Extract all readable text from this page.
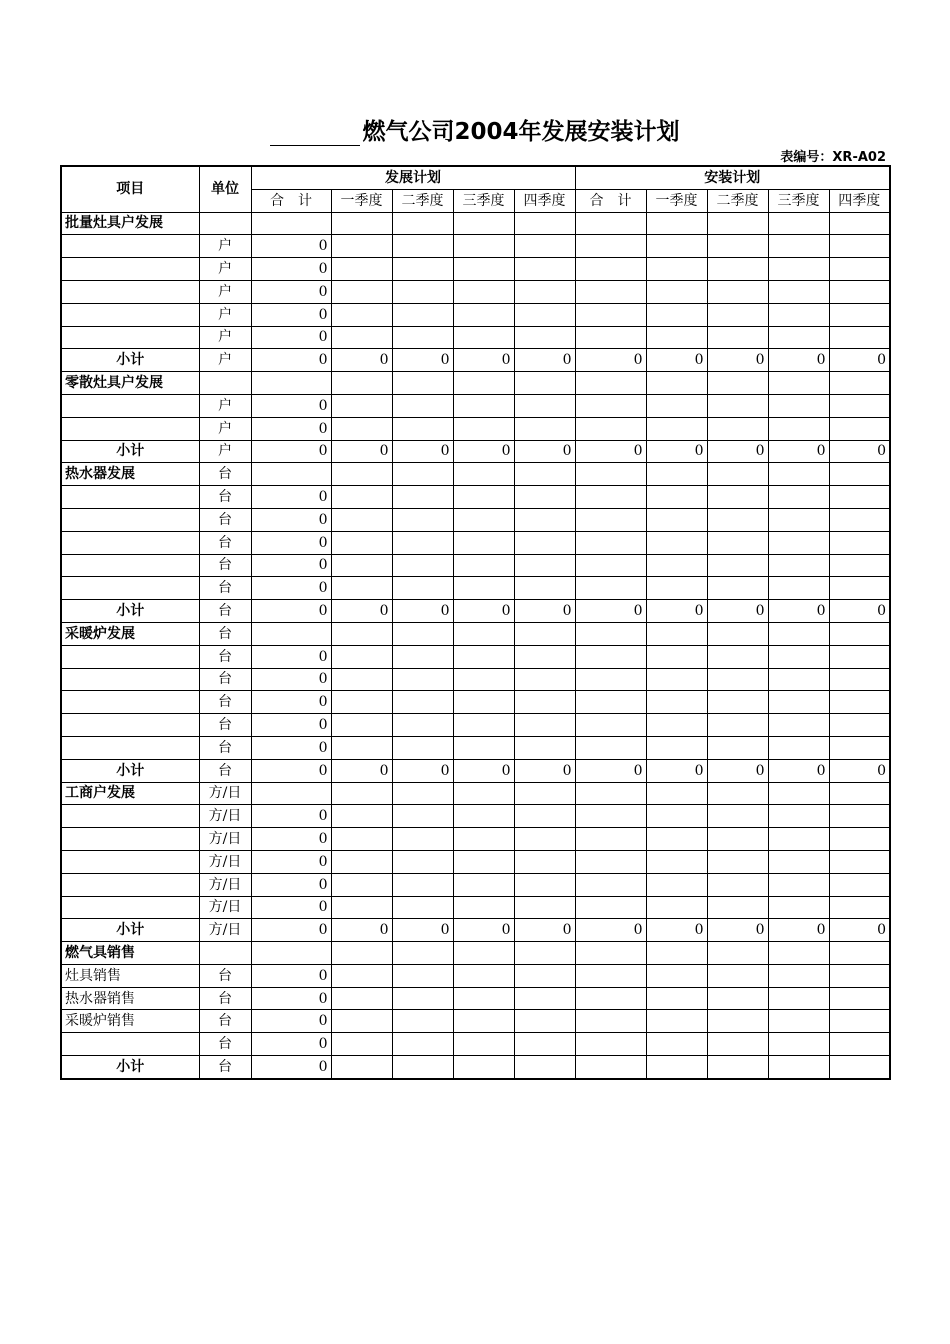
燃气公司2004年发展安装计划
表编号：XR-A02
项目	单位	发展计划					安装计划				
		合　计	一季度	二季度	三季度	四季度	合　计	一季度	二季度	三季度	四季度
批量灶具户发展											
	户	0									
	户	0									
	户	0									
	户	0									
	户	0									
小计	户	0	0	0	0	0	0	0	0	0	0
零散灶具户发展											
	户	0									
	户	0									
小计	户	0	0	0	0	0	0	0	0	0	0
热水器发展	台										
	台	0									
	台	0									
	台	0									
	台	0									
	台	0									
小计	台	0	0	0	0	0	0	0	0	0	0
采暖炉发展	台										
	台	0									
	台	0									
	台	0									
	台	0									
	台	0									
小计	台	0	0	0	0	0	0	0	0	0	0
工商户发展	方/日										
	方/日	0									
	方/日	0									
	方/日	0									
	方/日	0									
	方/日	0									
小计	方/日	0	0	0	0	0	0	0	0	0	0
燃气具销售											
灶具销售	台	0									
热水器销售	台	0									
采暖炉销售	台	0									
	台	0									
小计	台	0									
